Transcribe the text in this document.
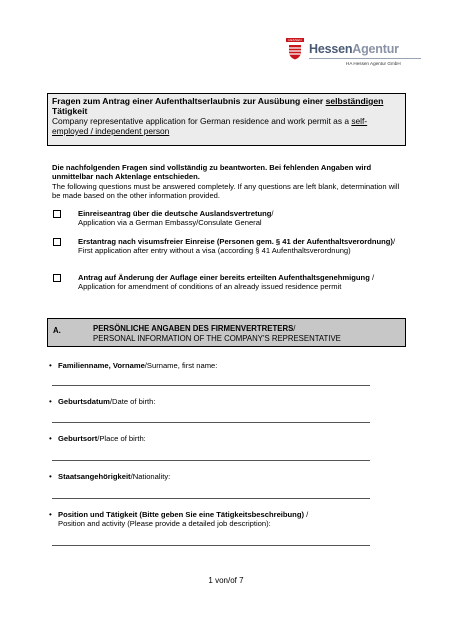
HESSEN
HessenAgentur
HA Hessen Agentur GmbH
Fragen zum Antrag einer Aufenthaltserlaubnis zur Ausübung einer selbständigen
Tätigkeit
Company representative application for German residence and work permit as a self-employed / independent person
Die nachfolgenden Fragen sind vollständig zu beantworten. Bei fehlenden Angaben wird unmittelbar nach Aktenlage entschieden.
The following questions must be answered completely. If any questions are left blank, determination will be made based on the other information provided.
Einreiseantrag über die deutsche Auslandsvertretung/
Application via a German Embassy/Consulate General
Erstantrag nach visumsfreier Einreise (Personen gem. § 41 der Aufenthaltsverordnung)/
First application after entry without a visa (according § 41 Aufenthaltsverordnung)
Antrag auf Änderung der Auflage einer bereits erteilten Aufenthaltsgenehmigung /
Application for amendment of conditions of an already issued residence permit
A.	PERSÖNLICHE ANGABEN DES FIRMENVERTRETERS/
PERSONAL INFORMATION OF THE COMPANY'S REPRESENTATIVE
• Familienname, Vorname/Surname, first name:
• Geburtsdatum/Date of birth:
• Geburtsort/Place of birth:
• Staatsangehörigkeit/Nationality:
• Position und Tätigkeit (Bitte geben Sie eine Tätigkeitsbeschreibung) /
Position and activity (Please provide a detailed job description):
1 von/of 7
